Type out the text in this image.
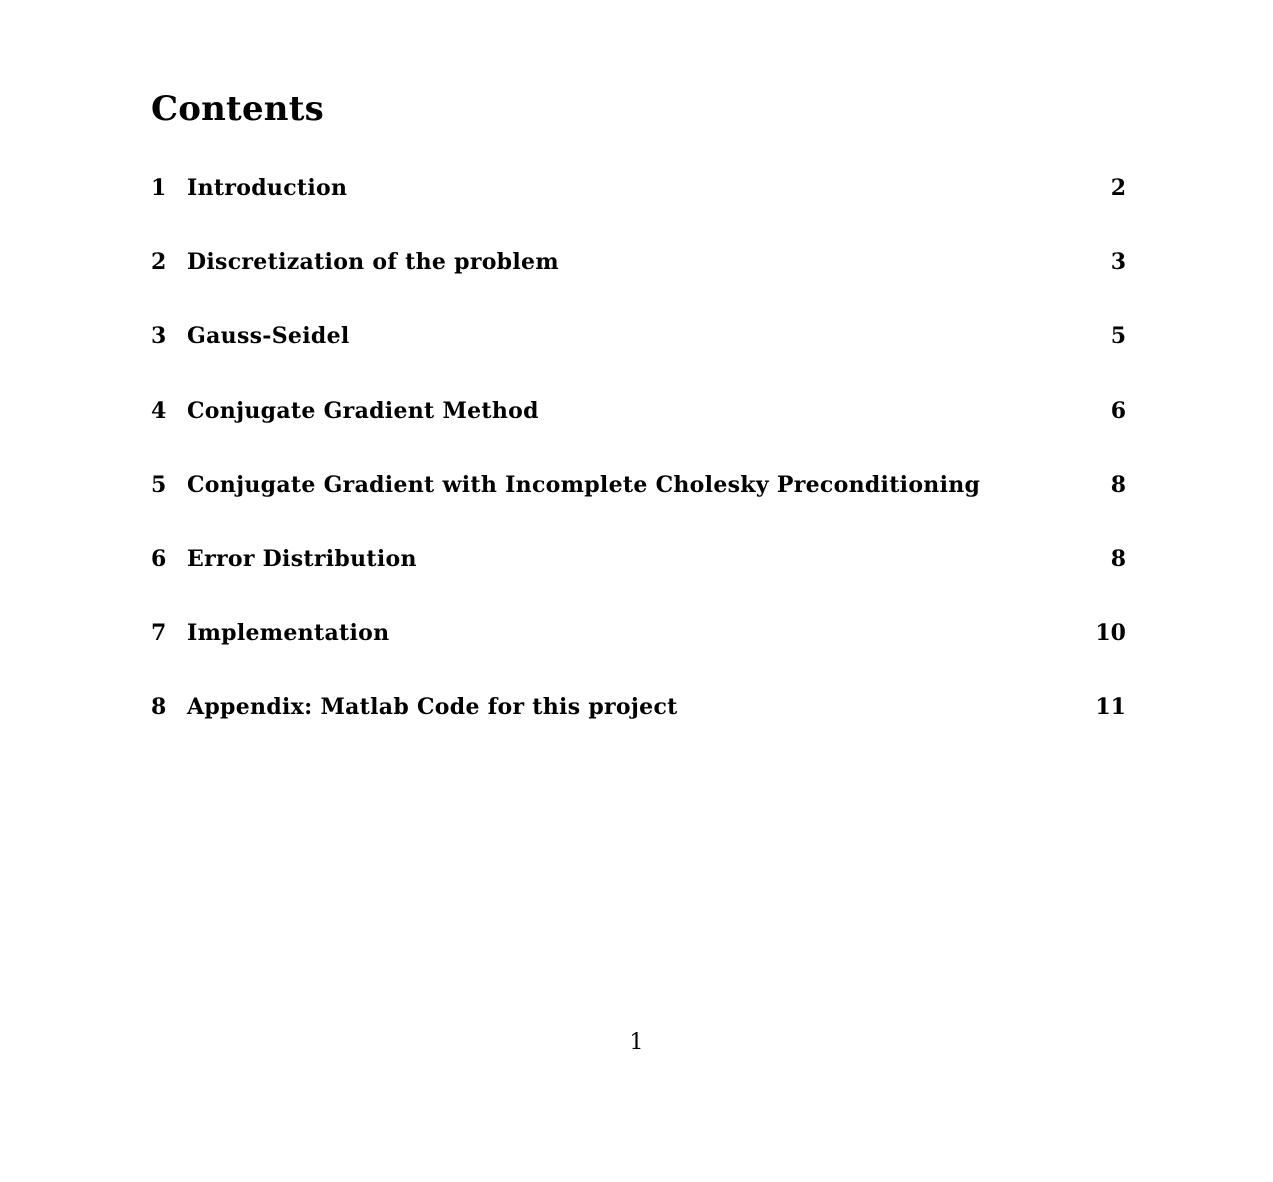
Contents
1 Introduction	2
2 Discretization of the problem	3
3 Gauss-Seidel	5
4 Conjugate Gradient Method	6
5 Conjugate Gradient with Incomplete Cholesky Preconditioning	8
6 Error Distribution	8
7 Implementation	10
8 Appendix: Matlab Code for this project	11
1
